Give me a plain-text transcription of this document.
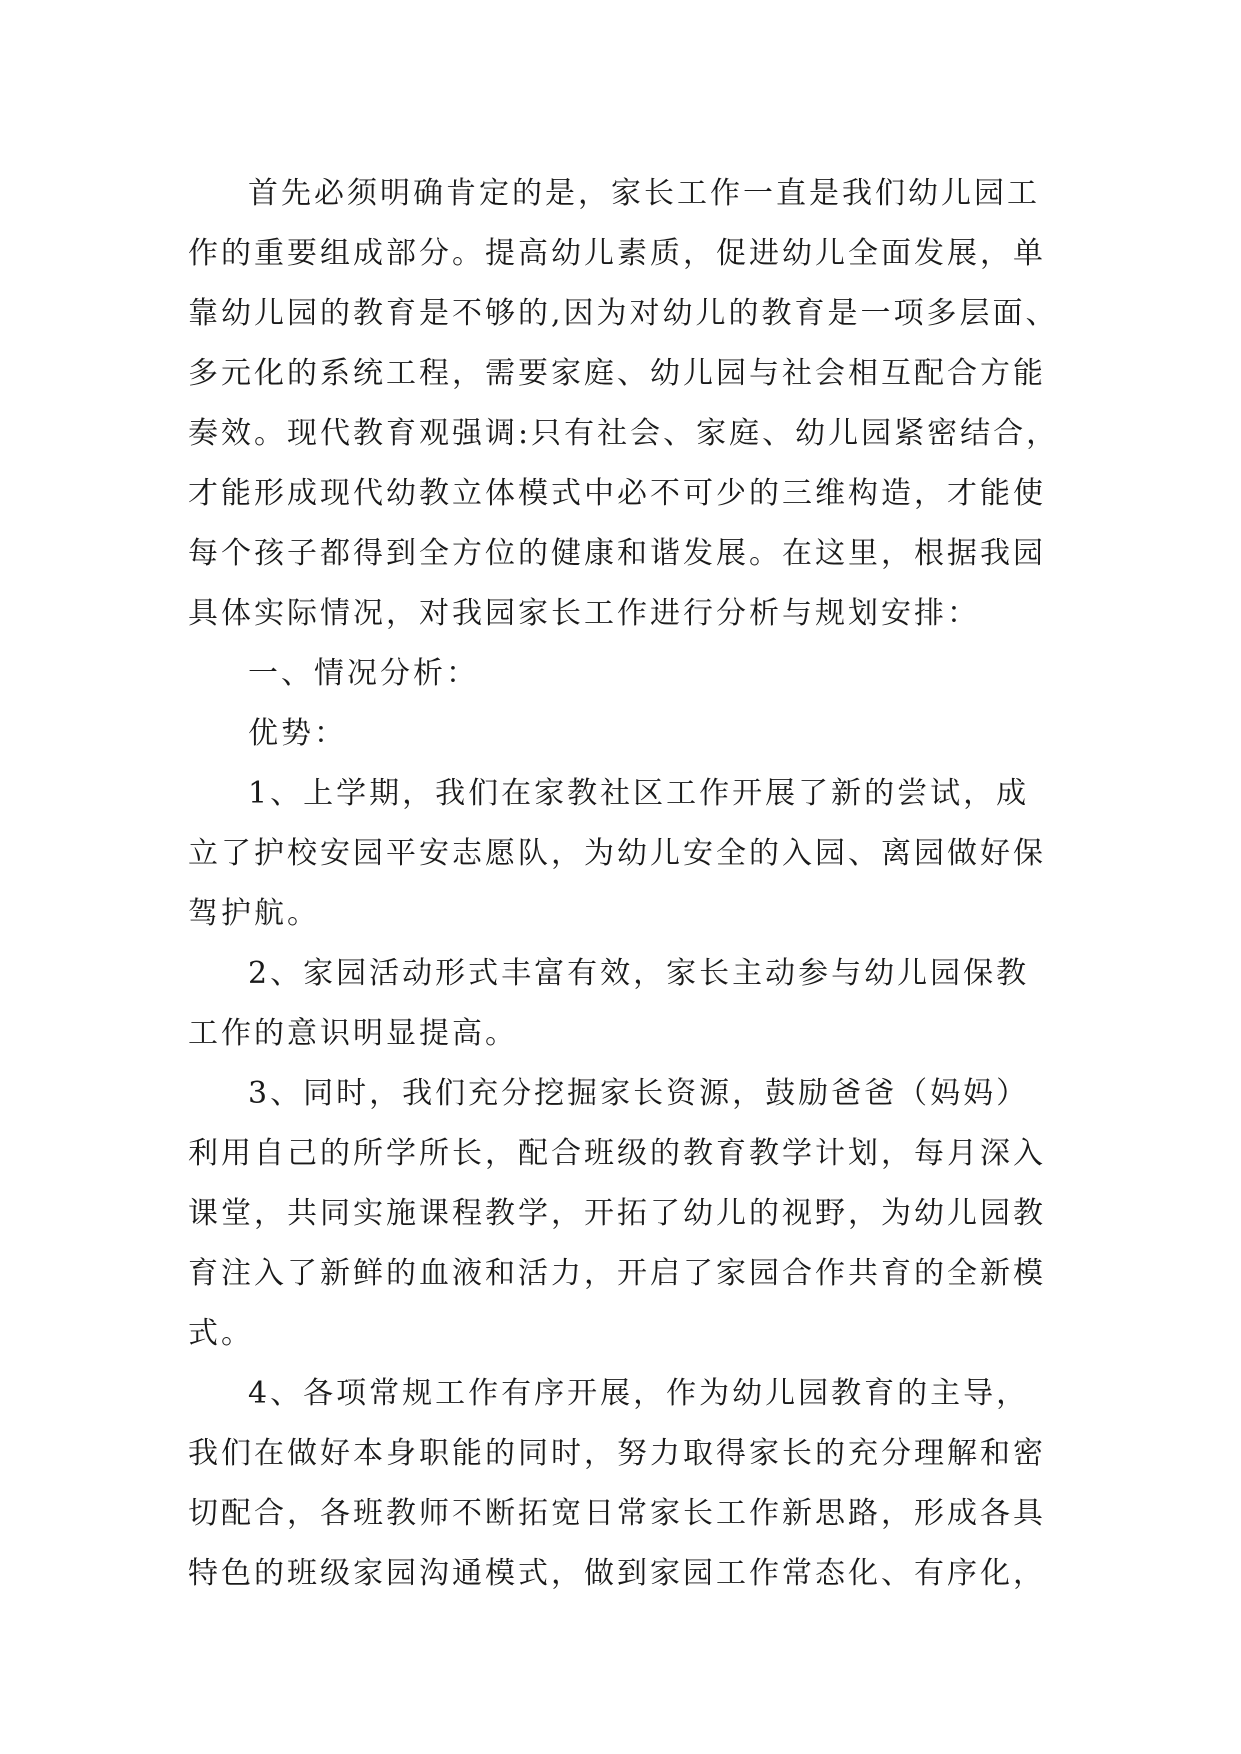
首先必须明确肯定的是，家长工作一直是我们幼儿园工
作的重要组成部分。提高幼儿素质，促进幼儿全面发展，单
靠幼儿园的教育是不够的,因为对幼儿的教育是一项多层面、
多元化的系统工程，需要家庭、幼儿园与社会相互配合方能
奏效。现代教育观强调:只有社会、家庭、幼儿园紧密结合，
才能形成现代幼教立体模式中必不可少的三维构造，才能使
每个孩子都得到全方位的健康和谐发展。在这里，根据我园
具体实际情况，对我园家长工作进行分析与规划安排：
一、情况分析：
优势：
1、上学期，我们在家教社区工作开展了新的尝试，成
立了护校安园平安志愿队，为幼儿安全的入园、离园做好保
驾护航。
2、家园活动形式丰富有效，家长主动参与幼儿园保教
工作的意识明显提高。
3、同时，我们充分挖掘家长资源，鼓励爸爸（妈妈）
利用自己的所学所长，配合班级的教育教学计划，每月深入
课堂，共同实施课程教学，开拓了幼儿的视野，为幼儿园教
育注入了新鲜的血液和活力，开启了家园合作共育的全新模
式。
4、各项常规工作有序开展，作为幼儿园教育的主导，
我们在做好本身职能的同时，努力取得家长的充分理解和密
切配合，各班教师不断拓宽日常家长工作新思路，形成各具
特色的班级家园沟通模式，做到家园工作常态化、有序化，
